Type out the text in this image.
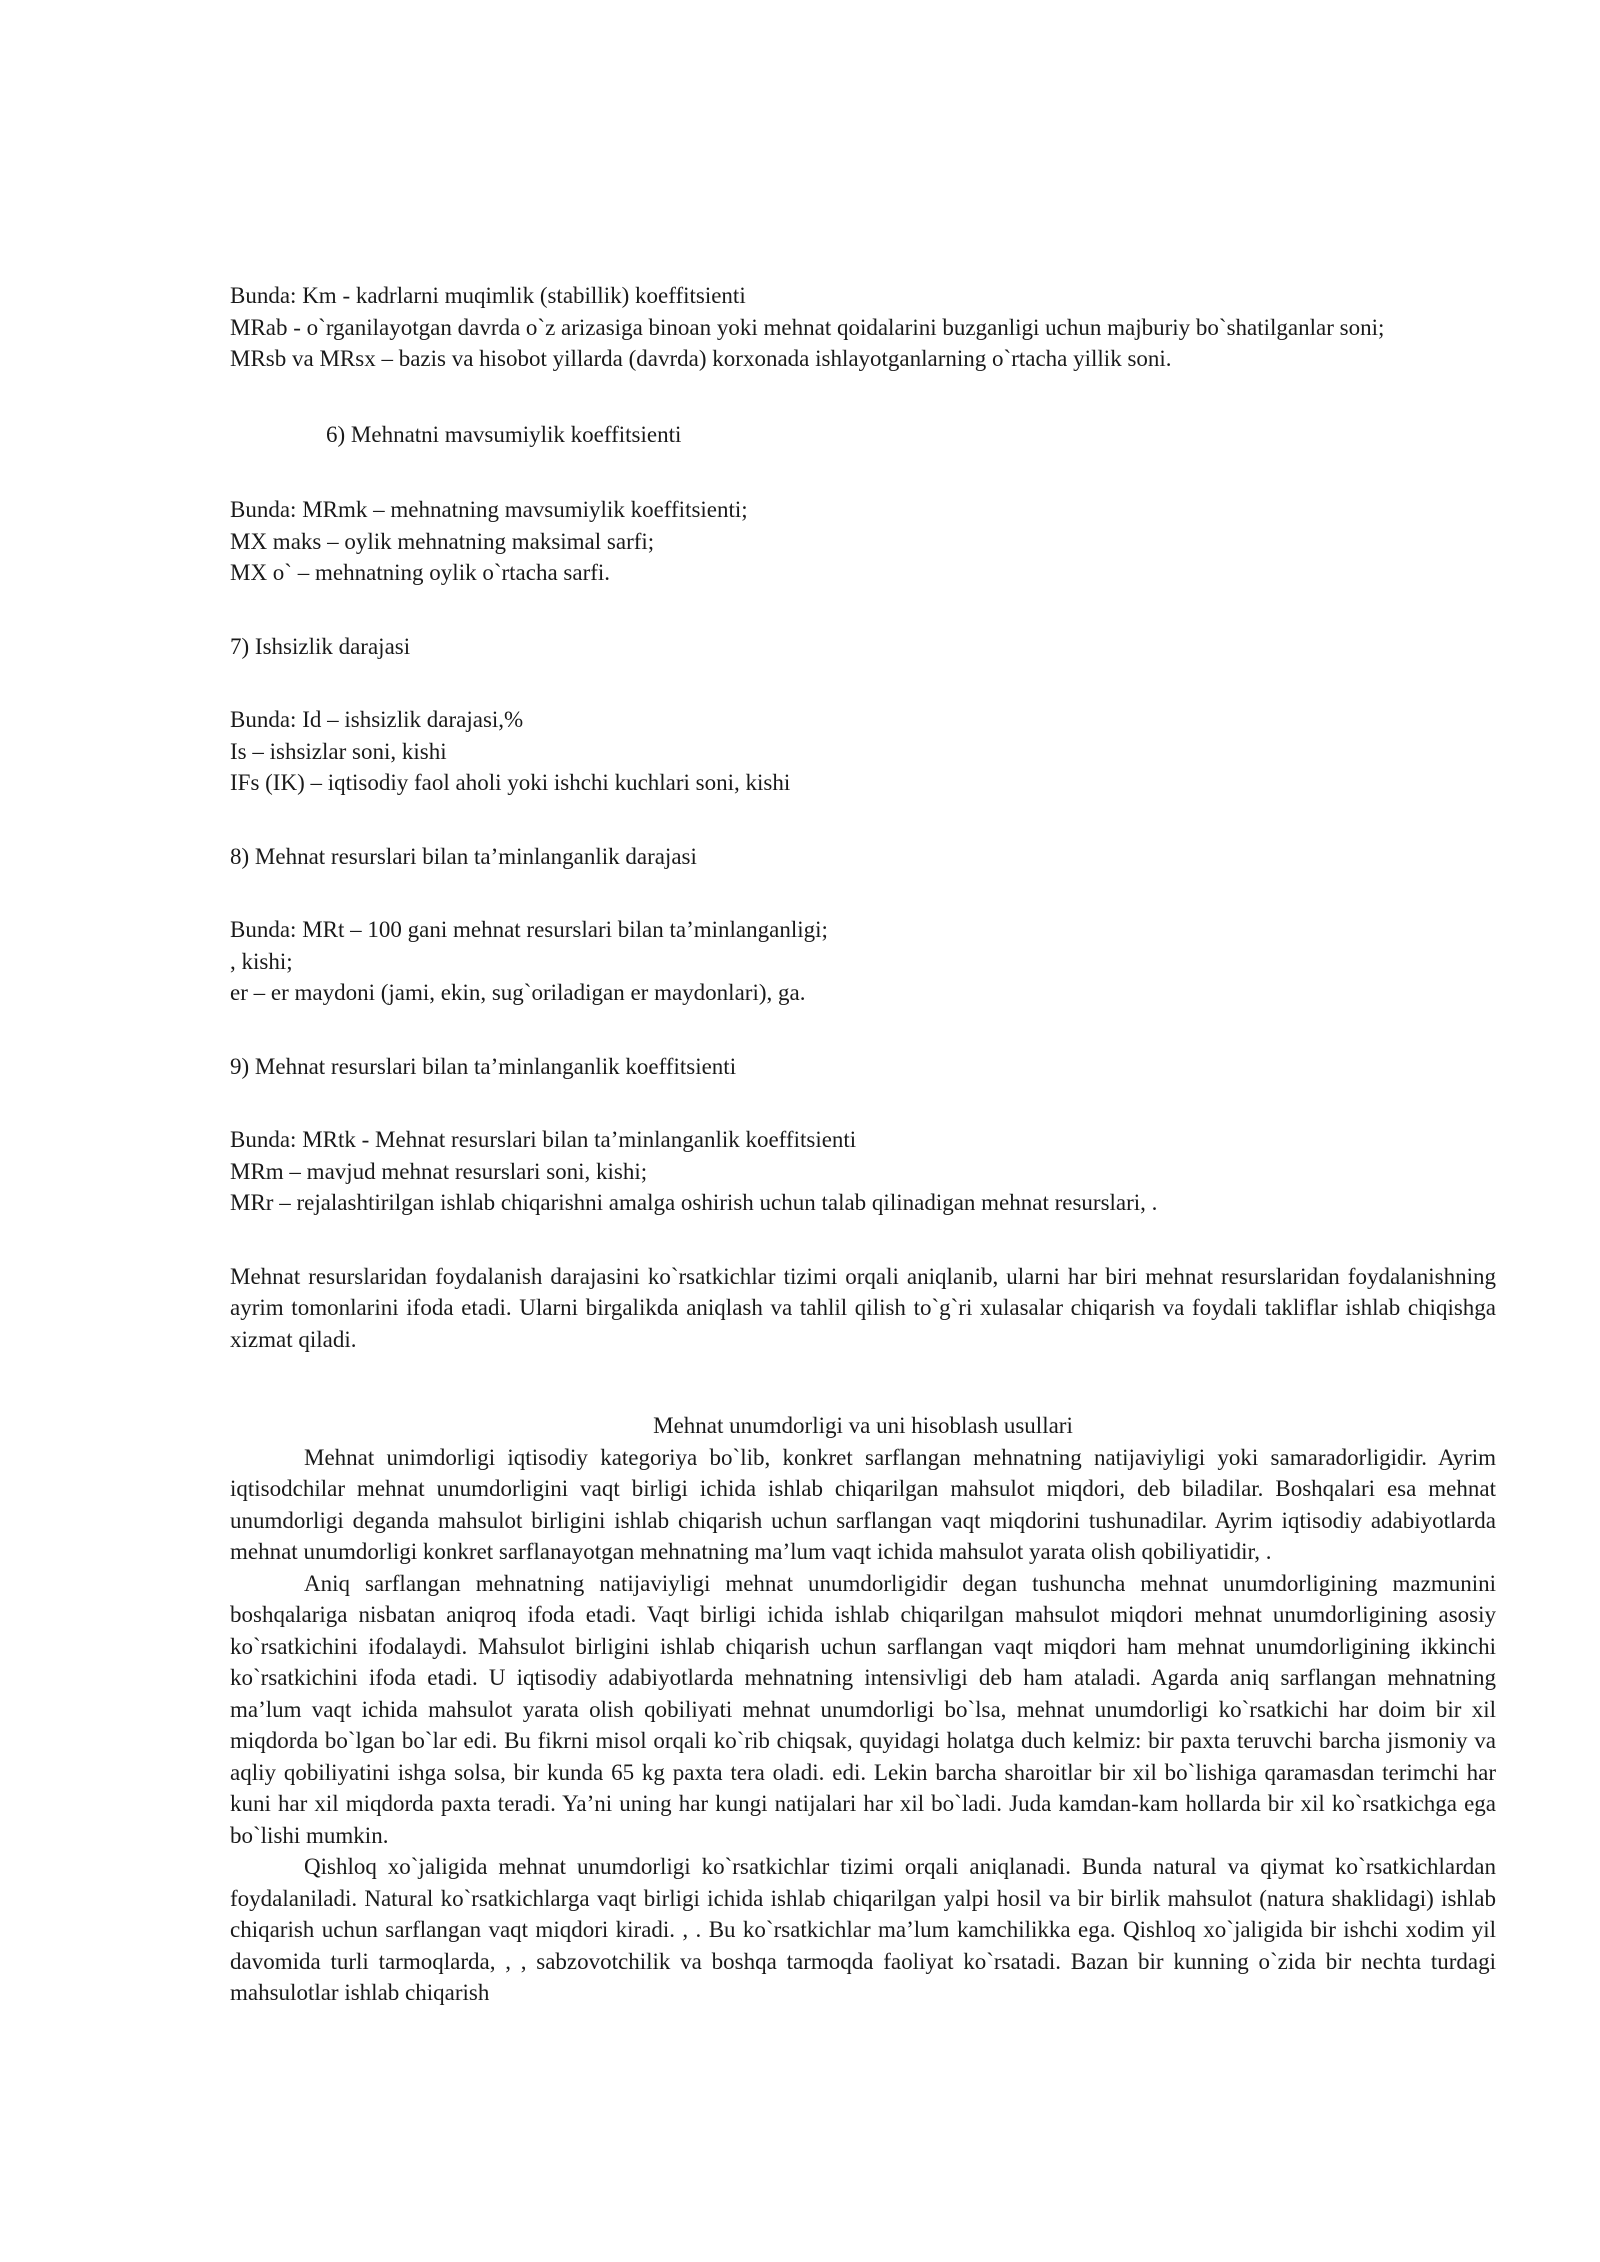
Bunda: Km - kadrlarni muqimlik (stabillik) koeffitsienti
MRab - o`rganilayotgan davrda o`z arizasiga binoan yoki mehnat qoidalarini buzganligi uchun majburiy bo`shatilganlar soni;
MRsb va MRsx – bazis va hisobot yillarda (davrda) korxonada ishlayotganlarning o`rtacha yillik soni.
6) Mehnatni mavsumiylik koeffitsienti
Bunda: MRmk – mehnatning mavsumiylik koeffitsienti;
MX maks – oylik mehnatning maksimal sarfi;
MX o` – mehnatning oylik o`rtacha sarfi.
7) Ishsizlik darajasi
Bunda: Id – ishsizlik darajasi,%
Is – ishsizlar soni, kishi
IFs (IK) – iqtisodiy faol aholi yoki ishchi kuchlari soni, kishi
8) Mehnat resurslari bilan ta’minlanganlik darajasi
Bunda: MRt – 100 gani mehnat resurslari bilan ta’minlanganligi;
, kishi;
er – er maydoni (jami, ekin, sug`oriladigan er maydonlari), ga.
9) Mehnat resurslari bilan ta’minlanganlik koeffitsienti
Bunda: MRtk - Mehnat resurslari bilan ta’minlanganlik koeffitsienti
MRm – mavjud mehnat resurslari soni, kishi;
MRr – rejalashtirilgan ishlab chiqarishni amalga oshirish uchun talab qilinadigan mehnat resurslari, .

Mehnat resurslaridan foydalanish darajasini ko`rsatkichlar tizimi orqali aniqlanib, ularni har biri mehnat resurslaridan foydalanishning ayrim tomonlarini ifoda etadi. Ularni birgalikda aniqlash va tahlil qilish to`g`ri xulasalar chiqarish va foydali takliflar ishlab chiqishga xizmat qiladi.

Mehnat unumdorligi va uni hisoblash usullari

Mehnat unimdorligi iqtisodiy kategoriya bo`lib, konkret sarflangan mehnatning natijaviyligi yoki samaradorligidir. Ayrim iqtisodchilar mehnat unumdorligini vaqt birligi ichida ishlab chiqarilgan mahsulot miqdori, deb biladilar. Boshqalari esa mehnat unumdorligi deganda mahsulot birligini ishlab chiqarish uchun sarflangan vaqt miqdorini tushunadilar. Ayrim iqtisodiy adabiyotlarda mehnat unumdorligi konkret sarflanayotgan mehnatning ma’lum vaqt ichida mahsulot yarata olish qobiliyatidir, .

Aniq sarflangan mehnatning natijaviyligi mehnat unumdorligidir degan tushuncha mehnat unumdorligining mazmunini boshqalariga nisbatan aniqroq ifoda etadi. Vaqt birligi ichida ishlab chiqarilgan mahsulot miqdori mehnat unumdorligining asosiy ko`rsatkichini ifodalaydi. Mahsulot birligini ishlab chiqarish uchun sarflangan vaqt miqdori ham mehnat unumdorligining ikkinchi ko`rsatkichini ifoda etadi. U iqtisodiy adabiyotlarda mehnatning intensivligi deb ham ataladi. Agarda aniq sarflangan mehnatning ma’lum vaqt ichida mahsulot yarata olish qobiliyati mehnat unumdorligi bo`lsa, mehnat unumdorligi ko`rsatkichi har doim bir xil miqdorda bo`lgan bo`lar edi. Bu fikrni misol orqali ko`rib chiqsak, quyidagi holatga duch kelmiz: bir paxta teruvchi barcha jismoniy va aqliy qobiliyatini ishga solsa, bir kunda 65 kg paxta tera oladi. edi. Lekin barcha sharoitlar bir xil bo`lishiga qaramasdan terimchi har kuni har xil miqdorda paxta teradi. Ya’ni uning har kungi natijalari har xil bo`ladi. Juda kamdan-kam hollarda bir xil ko`rsatkichga ega bo`lishi mumkin.

Qishloq xo`jaligida mehnat unumdorligi ko`rsatkichlar tizimi orqali aniqlanadi. Bunda natural va qiymat ko`rsatkichlardan foydalaniladi. Natural ko`rsatkichlarga vaqt birligi ichida ishlab chiqarilgan yalpi hosil va bir birlik mahsulot (natura shaklidagi) ishlab chiqarish uchun sarflangan vaqt miqdori kiradi. , . Bu ko`rsatkichlar ma’lum kamchilikka ega. Qishloq xo`jaligida bir ishchi xodim yil davomida turli tarmoqlarda, , , sabzovotchilik va boshqa tarmoqda faoliyat ko`rsatadi. Bazan bir kunning o`zida bir nechta turdagi mahsulotlar ishlab chiqarish
